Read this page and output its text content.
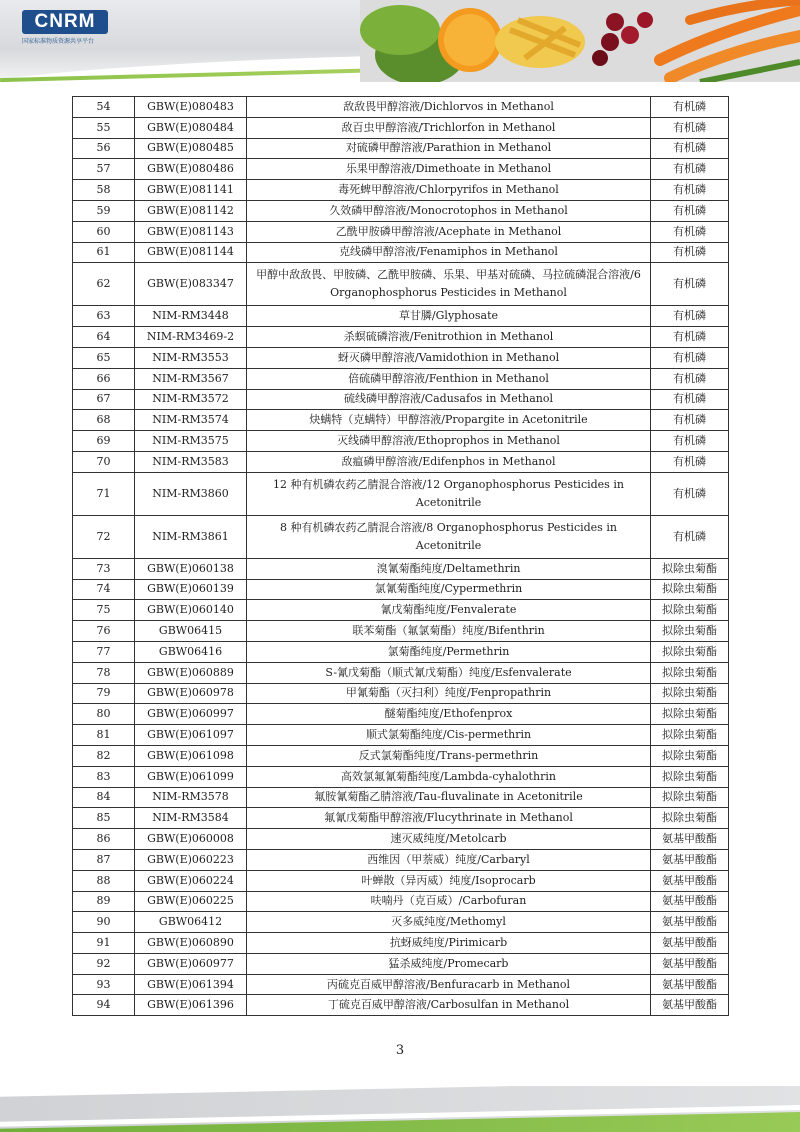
CNRM
国家标准物质资源共享平台
54	GBW(E)080483	敌敌畏甲醇溶液/Dichlorvos in Methanol	有机磷
55	GBW(E)080484	敌百虫甲醇溶液/Trichlorfon in Methanol	有机磷
56	GBW(E)080485	对硫磷甲醇溶液/Parathion in Methanol	有机磷
57	GBW(E)080486	乐果甲醇溶液/Dimethoate in Methanol	有机磷
58	GBW(E)081141	毒死蜱甲醇溶液/Chlorpyrifos in Methanol	有机磷
59	GBW(E)081142	久效磷甲醇溶液/Monocrotophos in Methanol	有机磷
60	GBW(E)081143	乙酰甲胺磷甲醇溶液/Acephate in Methanol	有机磷
61	GBW(E)081144	克线磷甲醇溶液/Fenamiphos in Methanol	有机磷
62	GBW(E)083347	甲醇中敌敌畏、甲胺磷、乙酰甲胺磷、乐果、甲基对硫磷、马拉硫磷混合溶液/6 Organophosphorus Pesticides in Methanol	有机磷
63	NIM-RM3448	草甘膦/Glyphosate	有机磷
64	NIM-RM3469-2	杀螟硫磷溶液/Fenitrothion in Methanol	有机磷
65	NIM-RM3553	蚜灭磷甲醇溶液/Vamidothion in Methanol	有机磷
66	NIM-RM3567	倍硫磷甲醇溶液/Fenthion in Methanol	有机磷
67	NIM-RM3572	硫线磷甲醇溶液/Cadusafos in Methanol	有机磷
68	NIM-RM3574	炔螨特（克螨特）甲醇溶液/Propargite in Acetonitrile	有机磷
69	NIM-RM3575	灭线磷甲醇溶液/Ethoprophos in Methanol	有机磷
70	NIM-RM3583	敌瘟磷甲醇溶液/Edifenphos in Methanol	有机磷
71	NIM-RM3860	12 种有机磷农药乙腈混合溶液/12 Organophosphorus Pesticides in Acetonitrile	有机磷
72	NIM-RM3861	8 种有机磷农药乙腈混合溶液/8 Organophosphorus Pesticides in Acetonitrile	有机磷
73	GBW(E)060138	溴氰菊酯纯度/Deltamethrin	拟除虫菊酯
74	GBW(E)060139	氯氰菊酯纯度/Cypermethrin	拟除虫菊酯
75	GBW(E)060140	氰戊菊酯纯度/Fenvalerate	拟除虫菊酯
76	GBW06415	联苯菊酯（氟氯菊酯）纯度/Bifenthrin	拟除虫菊酯
77	GBW06416	氯菊酯纯度/Permethrin	拟除虫菊酯
78	GBW(E)060889	S-氰戊菊酯（顺式氰戊菊酯）纯度/Esfenvalerate	拟除虫菊酯
79	GBW(E)060978	甲氰菊酯（灭扫利）纯度/Fenpropathrin	拟除虫菊酯
80	GBW(E)060997	醚菊酯纯度/Ethofenprox	拟除虫菊酯
81	GBW(E)061097	顺式氯菊酯纯度/Cis-permethrin	拟除虫菊酯
82	GBW(E)061098	反式氯菊酯纯度/Trans-permethrin	拟除虫菊酯
83	GBW(E)061099	高效氯氟氰菊酯纯度/Lambda-cyhalothrin	拟除虫菊酯
84	NIM-RM3578	氟胺氰菊酯乙腈溶液/Tau-fluvalinate in Acetonitrile	拟除虫菊酯
85	NIM-RM3584	氟氰戊菊酯甲醇溶液/Flucythrinate in Methanol	拟除虫菊酯
86	GBW(E)060008	速灭威纯度/Metolcarb	氨基甲酸酯
87	GBW(E)060223	西维因（甲萘威）纯度/Carbaryl	氨基甲酸酯
88	GBW(E)060224	叶蝉散（异丙威）纯度/Isoprocarb	氨基甲酸酯
89	GBW(E)060225	呋喃丹（克百威）/Carbofuran	氨基甲酸酯
90	GBW06412	灭多威纯度/Methomyl	氨基甲酸酯
91	GBW(E)060890	抗蚜威纯度/Pirimicarb	氨基甲酸酯
92	GBW(E)060977	猛杀威纯度/Promecarb	氨基甲酸酯
93	GBW(E)061394	丙硫克百威甲醇溶液/Benfuracarb in Methanol	氨基甲酸酯
94	GBW(E)061396	丁硫克百威甲醇溶液/Carbosulfan in Methanol	氨基甲酸酯
3
